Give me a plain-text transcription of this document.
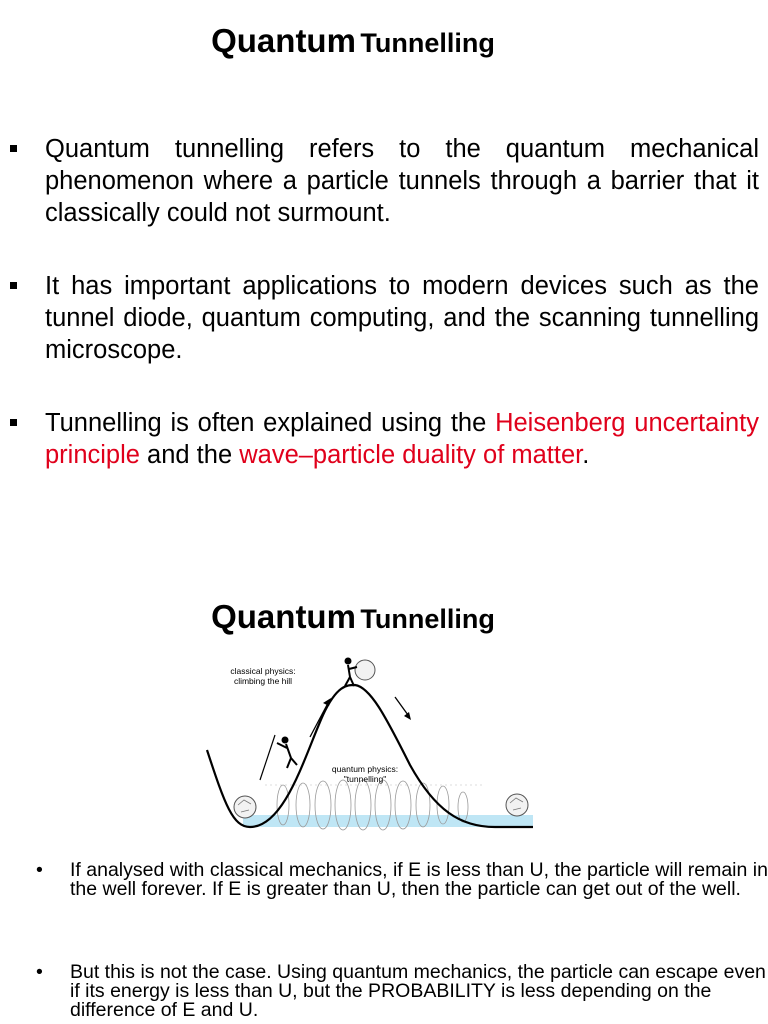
Quantum Tunnelling

Quantum tunnelling refers to the quantum mechanical phenomenon where a particle tunnels through a barrier that it classically could not surmount.

It has important applications to modern devices such as the tunnel diode, quantum computing, and the scanning tunnelling microscope.

Tunnelling is often explained using the Heisenberg uncertainty principle and the wave–particle duality of matter.

Quantum Tunnelling
classical physics:
climbing the hill
quantum physics:
"tunnelling"
• If analysed with classical mechanics, if E is less than U, the particle will remain in the well forever. If E is greater than U, then the particle can get out of the well.

• But this is not the case. Using quantum mechanics, the particle can escape even if its energy is less than U, but the PROBABILITY is less depending on the difference of E and U.
